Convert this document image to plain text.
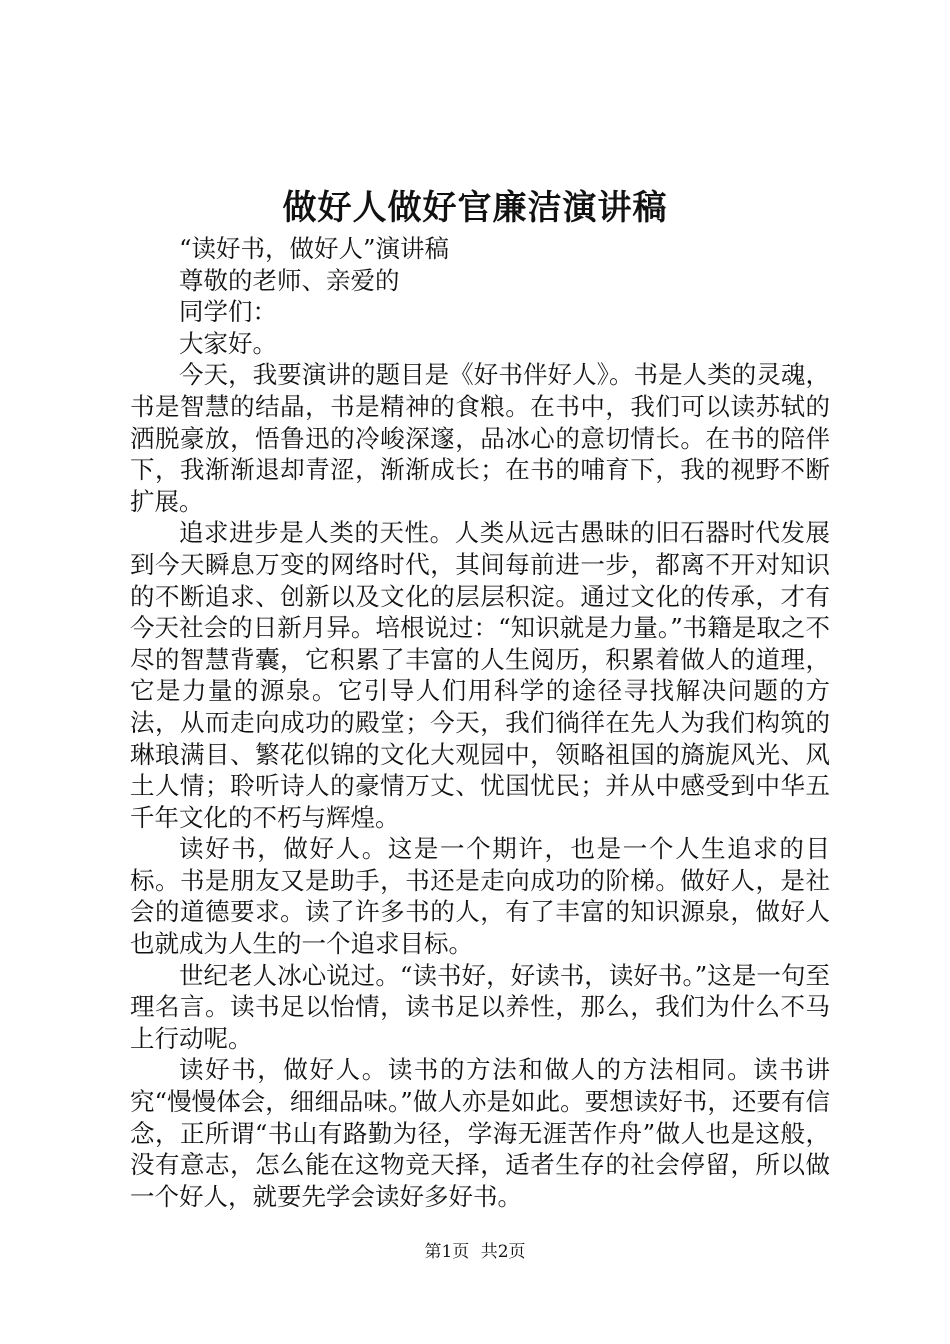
做好人做好官廉洁演讲稿

“读好书，做好人”演讲稿

尊敬的老师、亲爱的

同学们：

大家好。

今天，我要演讲的题目是《好书伴好人》。书是人类的灵魂，书是智慧的结晶，书是精神的食粮。在书中，我们可以读苏轼的洒脱豪放，悟鲁迅的冷峻深邃，品冰心的意切情长。在书的陪伴下，我渐渐退却青涩，渐渐成长；在书的哺育下，我的视野不断扩展。

追求进步是人类的天性。人类从远古愚昧的旧石器时代发展到今天瞬息万变的网络时代，其间每前进一步，都离不开对知识的不断追求、创新以及文化的层层积淀。通过文化的传承，才有今天社会的日新月异。培根说过：“知识就是力量。”书籍是取之不尽的智慧背囊，它积累了丰富的人生阅历，积累着做人的道理，它是力量的源泉。它引导人们用科学的途径寻找解决问题的方法，从而走向成功的殿堂；今天，我们徜徉在先人为我们构筑的琳琅满目、繁花似锦的文化大观园中，领略祖国的旖旎风光、风土人情；聆听诗人的豪情万丈、忧国忧民；并从中感受到中华五千年文化的不朽与辉煌。

读好书，做好人。这是一个期许，也是一个人生追求的目标。书是朋友又是助手，书还是走向成功的阶梯。做好人，是社会的道德要求。读了许多书的人，有了丰富的知识源泉，做好人也就成为人生的一个追求目标。

世纪老人冰心说过。“读书好，好读书，读好书。”这是一句至理名言。读书足以怡情，读书足以养性，那么，我们为什么不马上行动呢。

读好书，做好人。读书的方法和做人的方法相同。读书讲究“慢慢体会，细细品味。”做人亦是如此。要想读好书，还要有信念，正所谓“书山有路勤为径，学海无涯苦作舟”做人也是这般，没有意志，怎么能在这物竞天择，适者生存的社会停留，所以做一个好人，就要先学会读好多好书。

第1页 共2页
